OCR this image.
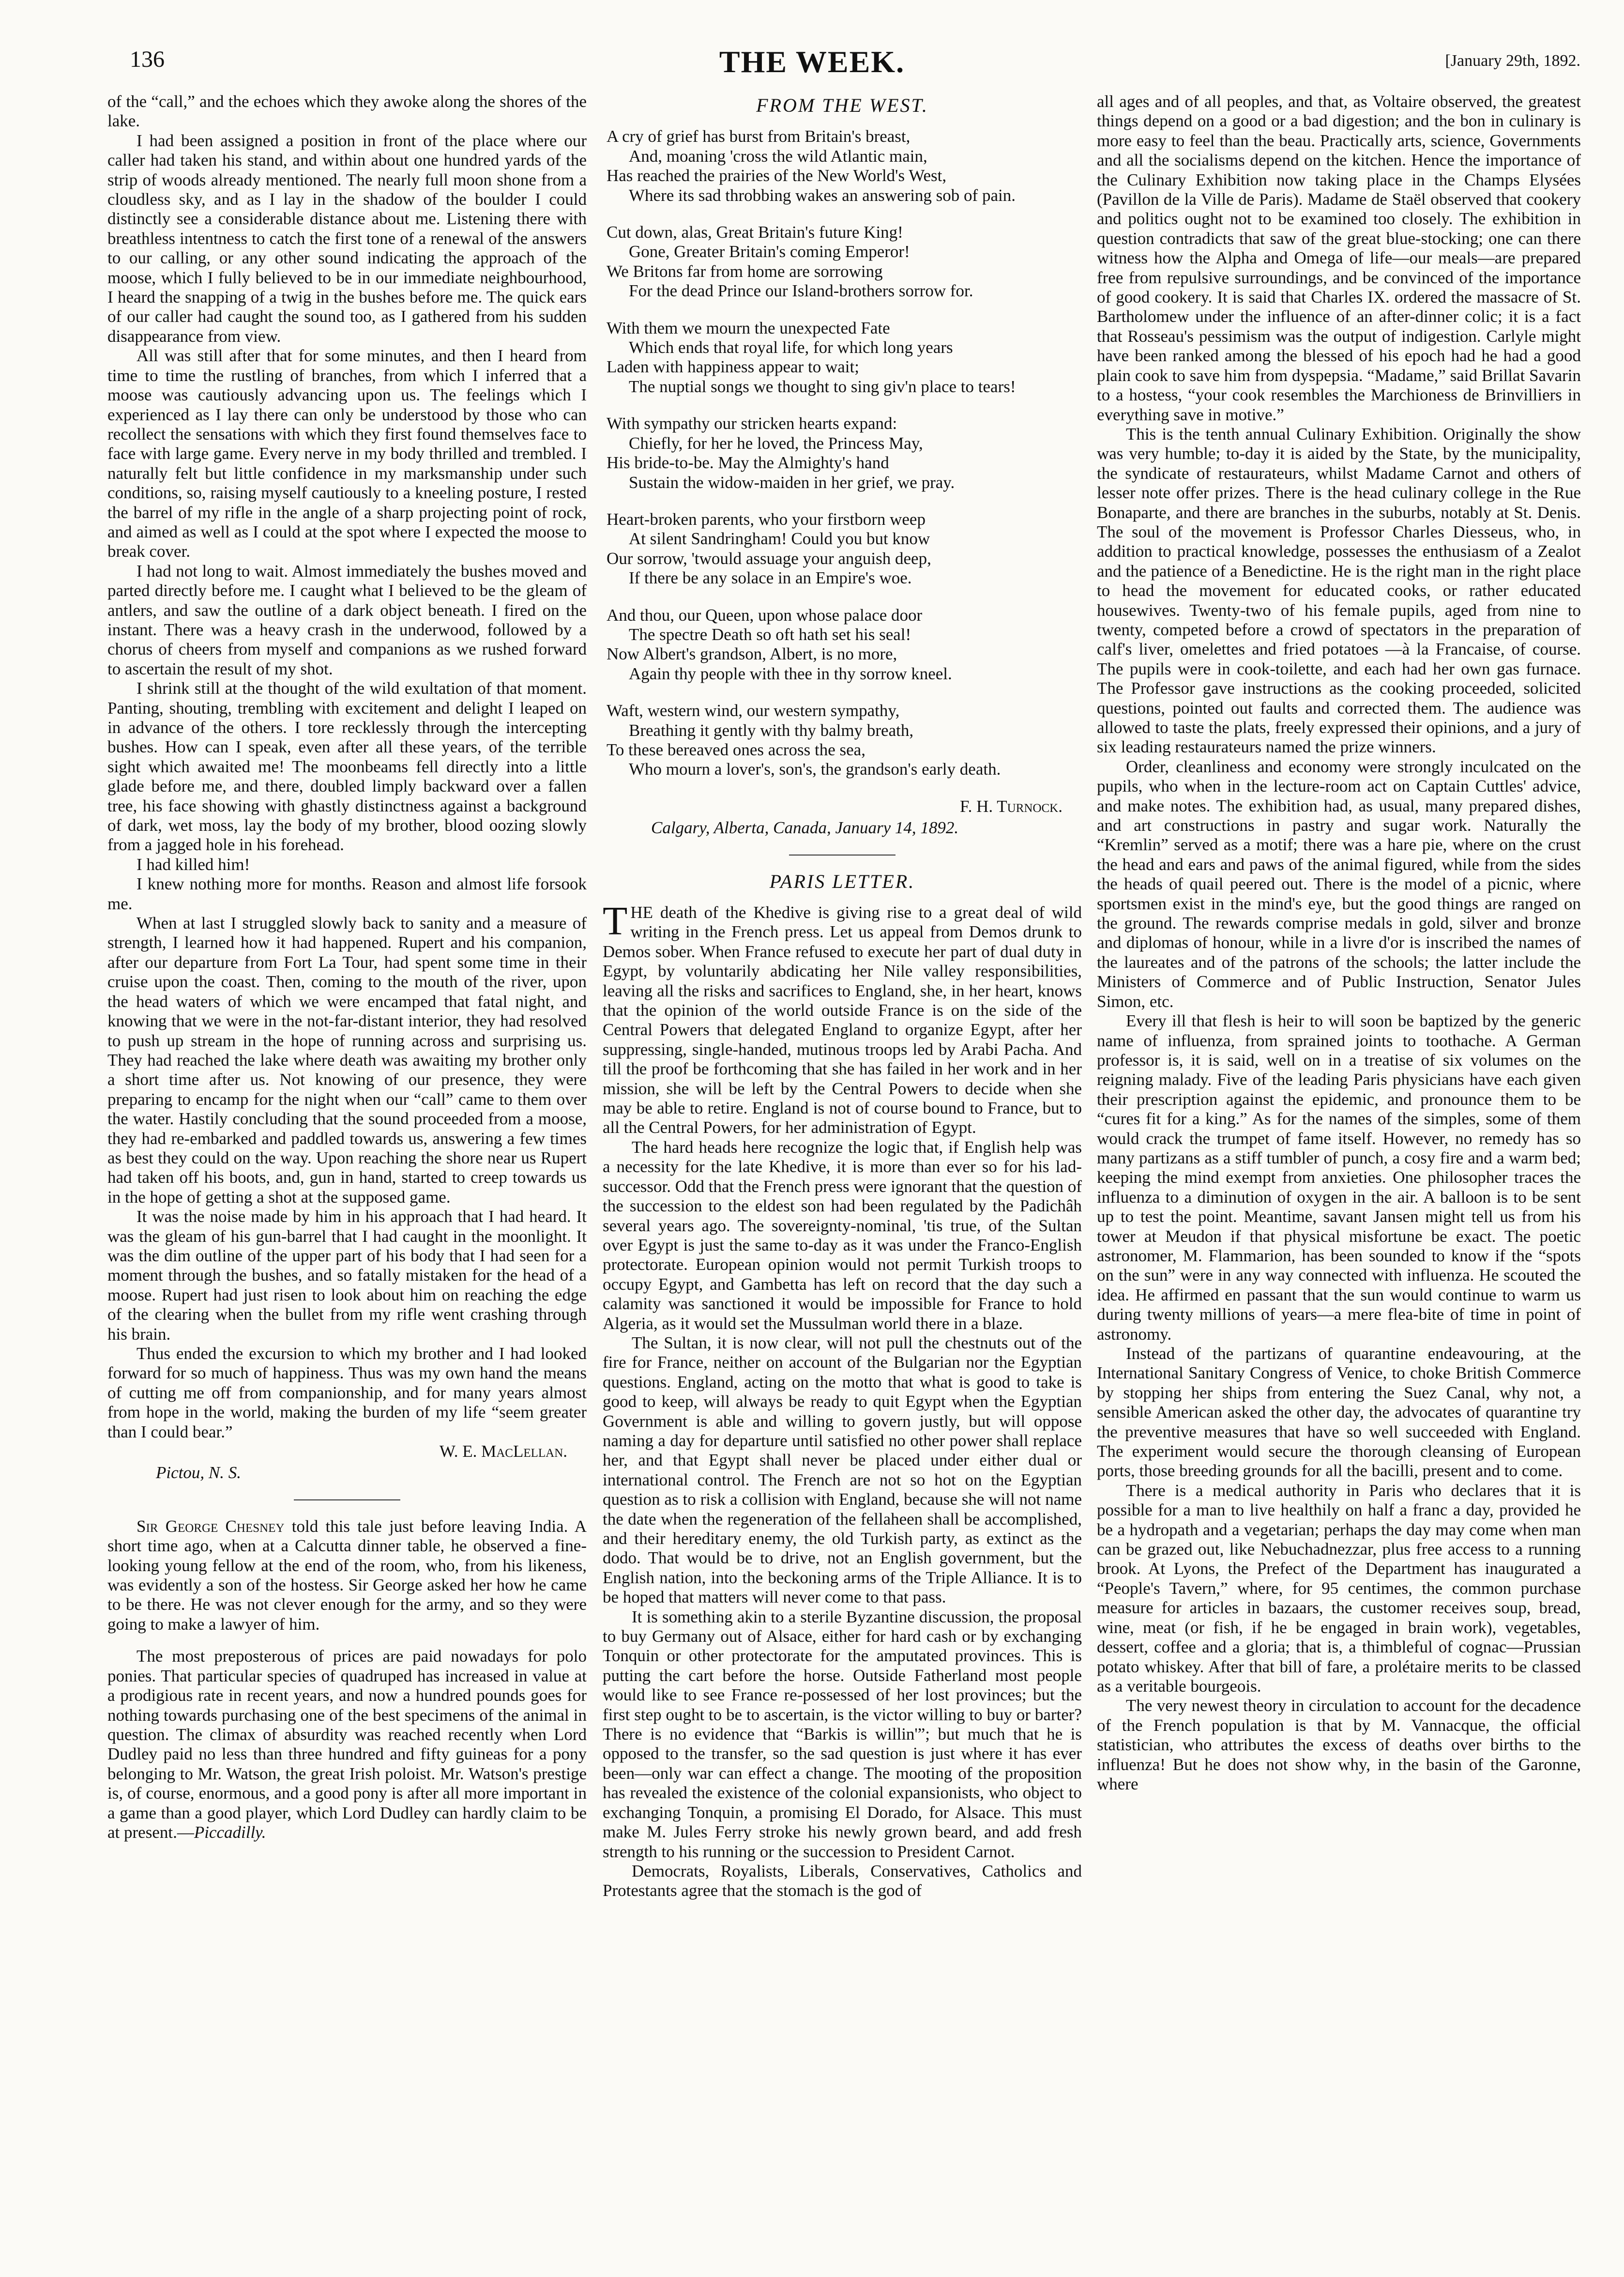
136	THE WEEK.	[January 29th, 1892.

of the “call,” and the echoes which they awoke along the shores of the lake.

I had been assigned a position in front of the place where our caller had taken his stand, and within about one hundred yards of the strip of woods already mentioned. The nearly full moon shone from a cloudless sky, and as I lay in the shadow of the boulder I could distinctly see a considerable distance about me. Listening there with breathless intentness to catch the first tone of a renewal of the answers to our calling, or any other sound indicating the approach of the moose, which I fully believed to be in our immediate neighbourhood, I heard the snapping of a twig in the bushes before me. The quick ears of our caller had caught the sound too, as I gathered from his sudden disappearance from view.

All was still after that for some minutes, and then I heard from time to time the rustling of branches, from which I inferred that a moose was cautiously advancing upon us. The feelings which I experienced as I lay there can only be understood by those who can recollect the sensations with which they first found themselves face to face with large game. Every nerve in my body thrilled and trembled. I naturally felt but little confidence in my marksmanship under such conditions, so, raising myself cautiously to a kneeling posture, I rested the barrel of my rifle in the angle of a sharp projecting point of rock, and aimed as well as I could at the spot where I expected the moose to break cover.

I had not long to wait. Almost immediately the bushes moved and parted directly before me. I caught what I believed to be the gleam of antlers, and saw the outline of a dark object beneath. I fired on the instant. There was a heavy crash in the underwood, followed by a chorus of cheers from myself and companions as we rushed forward to ascertain the result of my shot.

I shrink still at the thought of the wild exultation of that moment. Panting, shouting, trembling with excitement and delight I leaped on in advance of the others. I tore recklessly through the intercepting bushes. How can I speak, even after all these years, of the terrible sight which awaited me! The moonbeams fell directly into a little glade before me, and there, doubled limply backward over a fallen tree, his face showing with ghastly distinctness against a background of dark, wet moss, lay the body of my brother, blood oozing slowly from a jagged hole in his forehead.

I had killed him!

I knew nothing more for months. Reason and almost life forsook me.

When at last I struggled slowly back to sanity and a measure of strength, I learned how it had happened. Rupert and his companion, after our departure from Fort La Tour, had spent some time in their cruise upon the coast. Then, coming to the mouth of the river, upon the head waters of which we were encamped that fatal night, and knowing that we were in the not-far-distant interior, they had resolved to push up stream in the hope of running across and surprising us. They had reached the lake where death was awaiting my brother only a short time after us. Not knowing of our presence, they were preparing to encamp for the night when our “call” came to them over the water. Hastily concluding that the sound proceeded from a moose, they had re-embarked and paddled towards us, answering a few times as best they could on the way. Upon reaching the shore near us Rupert had taken off his boots, and, gun in hand, started to creep towards us in the hope of getting a shot at the supposed game.

It was the noise made by him in his approach that I had heard. It was the gleam of his gun-barrel that I had caught in the moonlight. It was the dim outline of the upper part of his body that I had seen for a moment through the bushes, and so fatally mistaken for the head of a moose. Rupert had just risen to look about him on reaching the edge of the clearing when the bullet from my rifle went crashing through his brain.

Thus ended the excursion to which my brother and I had looked forward for so much of happiness. Thus was my own hand the means of cutting me off from companionship, and for many years almost from hope in the world, making the burden of my life “seem greater than I could bear.”

W. E. MacLellan.
Pictou, N. S.

Sir George Chesney told this tale just before leaving India. A short time ago, when at a Calcutta dinner table, he observed a fine-looking young fellow at the end of the room, who, from his likeness, was evidently a son of the hostess. Sir George asked her how he came to be there. He was not clever enough for the army, and so they were going to make a lawyer of him.

The most preposterous of prices are paid nowadays for polo ponies. That particular species of quadruped has increased in value at a prodigious rate in recent years, and now a hundred pounds goes for nothing towards purchasing one of the best specimens of the animal in question. The climax of absurdity was reached recently when Lord Dudley paid no less than three hundred and fifty guineas for a pony belonging to Mr. Watson, the great Irish poloist. Mr. Watson's prestige is, of course, enormous, and a good pony is after all more important in a game than a good player, which Lord Dudley can hardly claim to be at present.—Piccadilly.

FROM THE WEST.
A cry of grief has burst from Britain's breast,
And, moaning 'cross the wild Atlantic main,
Has reached the prairies of the New World's West,
Where its sad throbbing wakes an answering sob of pain.
Cut down, alas, Great Britain's future King!
Gone, Greater Britain's coming Emperor!
We Britons far from home are sorrowing
For the dead Prince our Island-brothers sorrow for.
With them we mourn the unexpected Fate
Which ends that royal life, for which long years
Laden with happiness appear to wait;
The nuptial songs we thought to sing giv'n place to tears!
With sympathy our stricken hearts expand:
Chiefly, for her he loved, the Princess May,
His bride-to-be. May the Almighty's hand
Sustain the widow-maiden in her grief, we pray.
Heart-broken parents, who your firstborn weep
At silent Sandringham! Could you but know
Our sorrow, 'twould assuage your anguish deep,
If there be any solace in an Empire's woe.
And thou, our Queen, upon whose palace door
The spectre Death so oft hath set his seal!
Now Albert's grandson, Albert, is no more,
Again thy people with thee in thy sorrow kneel.
Waft, western wind, our western sympathy,
Breathing it gently with thy balmy breath,
To these bereaved ones across the sea,
Who mourn a lover's, son's, the grandson's early death.
F. H. Turnock.
Calgary, Alberta, Canada, January 14, 1892.
PARIS LETTER.

THE death of the Khedive is giving rise to a great deal of wild writing in the French press. Let us appeal from Demos drunk to Demos sober. When France refused to execute her part of dual duty in Egypt, by voluntarily abdicating her Nile valley responsibilities, leaving all the risks and sacrifices to England, she, in her heart, knows that the opinion of the world outside France is on the side of the Central Powers that delegated England to organize Egypt, after her suppressing, single-handed, mutinous troops led by Arabi Pacha. And till the proof be forthcoming that she has failed in her work and in her mission, she will be left by the Central Powers to decide when she may be able to retire. England is not of course bound to France, but to all the Central Powers, for her administration of Egypt.

The hard heads here recognize the logic that, if English help was a necessity for the late Khedive, it is more than ever so for his lad-successor. Odd that the French press were ignorant that the question of the succession to the eldest son had been regulated by the Padichâh several years ago. The sovereignty-nominal, 'tis true, of the Sultan over Egypt is just the same to-day as it was under the Franco-English protectorate. European opinion would not permit Turkish troops to occupy Egypt, and Gambetta has left on record that the day such a calamity was sanctioned it would be impossible for France to hold Algeria, as it would set the Mussulman world there in a blaze.

The Sultan, it is now clear, will not pull the chestnuts out of the fire for France, neither on account of the Bulgarian nor the Egyptian questions. England, acting on the motto that what is good to take is good to keep, will always be ready to quit Egypt when the Egyptian Government is able and willing to govern justly, but will oppose naming a day for departure until satisfied no other power shall replace her, and that Egypt shall never be placed under either dual or international control. The French are not so hot on the Egyptian question as to risk a collision with England, because she will not name the date when the regeneration of the fellaheen shall be accomplished, and their hereditary enemy, the old Turkish party, as extinct as the dodo. That would be to drive, not an English government, but the English nation, into the beckoning arms of the Triple Alliance. It is to be hoped that matters will never come to that pass.

It is something akin to a sterile Byzantine discussion, the proposal to buy Germany out of Alsace, either for hard cash or by exchanging Tonquin or other protectorate for the amputated provinces. This is putting the cart before the horse. Outside Fatherland most people would like to see France re-possessed of her lost provinces; but the first step ought to be to ascertain, is the victor willing to buy or barter? There is no evidence that “Barkis is willin'”; but much that he is opposed to the transfer, so the sad question is just where it has ever been—only war can effect a change. The mooting of the proposition has revealed the existence of the colonial expansionists, who object to exchanging Tonquin, a promising El Dorado, for Alsace. This must make M. Jules Ferry stroke his newly grown beard, and add fresh strength to his running or the succession to President Carnot.

Democrats, Royalists, Liberals, Conservatives, Catholics and Protestants agree that the stomach is the god of

all ages and of all peoples, and that, as Voltaire observed, the greatest things depend on a good or a bad digestion; and the bon in culinary is more easy to feel than the beau. Practically arts, science, Governments and all the socialisms depend on the kitchen. Hence the importance of the Culinary Exhibition now taking place in the Champs Elysées (Pavillon de la Ville de Paris). Madame de Staël observed that cookery and politics ought not to be examined too closely. The exhibition in question contradicts that saw of the great blue-stocking; one can there witness how the Alpha and Omega of life—our meals—are prepared free from repulsive surroundings, and be convinced of the importance of good cookery. It is said that Charles IX. ordered the massacre of St. Bartholomew under the influence of an after-dinner colic; it is a fact that Rosseau's pessimism was the output of indigestion. Carlyle might have been ranked among the blessed of his epoch had he had a good plain cook to save him from dyspepsia. “Madame,” said Brillat Savarin to a hostess, “your cook resembles the Marchioness de Brinvilliers in everything save in motive.”

This is the tenth annual Culinary Exhibition. Originally the show was very humble; to-day it is aided by the State, by the municipality, the syndicate of restaurateurs, whilst Madame Carnot and others of lesser note offer prizes. There is the head culinary college in the Rue Bonaparte, and there are branches in the suburbs, notably at St. Denis. The soul of the movement is Professor Charles Diesseus, who, in addition to practical knowledge, possesses the enthusiasm of a Zealot and the patience of a Benedictine. He is the right man in the right place to head the movement for educated cooks, or rather educated housewives. Twenty-two of his female pupils, aged from nine to twenty, competed before a crowd of spectators in the preparation of calf's liver, omelettes and fried potatoes —à la Francaise, of course. The pupils were in cook-toilette, and each had her own gas furnace. The Professor gave instructions as the cooking proceeded, solicited questions, pointed out faults and corrected them. The audience was allowed to taste the plats, freely expressed their opinions, and a jury of six leading restaurateurs named the prize winners.

Order, cleanliness and economy were strongly inculcated on the pupils, who when in the lecture-room act on Captain Cuttles' advice, and make notes. The exhibition had, as usual, many prepared dishes, and art constructions in pastry and sugar work. Naturally the “Kremlin” served as a motif; there was a hare pie, where on the crust the head and ears and paws of the animal figured, while from the sides the heads of quail peered out. There is the model of a picnic, where sportsmen exist in the mind's eye, but the good things are ranged on the ground. The rewards comprise medals in gold, silver and bronze and diplomas of honour, while in a livre d'or is inscribed the names of the laureates and of the patrons of the schools; the latter include the Ministers of Commerce and of Public Instruction, Senator Jules Simon, etc.

Every ill that flesh is heir to will soon be baptized by the generic name of influenza, from sprained joints to toothache. A German professor is, it is said, well on in a treatise of six volumes on the reigning malady. Five of the leading Paris physicians have each given their prescription against the epidemic, and pronounce them to be “cures fit for a king.” As for the names of the simples, some of them would crack the trumpet of fame itself. However, no remedy has so many partizans as a stiff tumbler of punch, a cosy fire and a warm bed; keeping the mind exempt from anxieties. One philosopher traces the influenza to a diminution of oxygen in the air. A balloon is to be sent up to test the point. Meantime, savant Jansen might tell us from his tower at Meudon if that physical misfortune be exact. The poetic astronomer, M. Flammarion, has been sounded to know if the “spots on the sun” were in any way connected with influenza. He scouted the idea. He affirmed en passant that the sun would continue to warm us during twenty millions of years—a mere flea-bite of time in point of astronomy.

Instead of the partizans of quarantine endeavouring, at the International Sanitary Congress of Venice, to choke British Commerce by stopping her ships from entering the Suez Canal, why not, a sensible American asked the other day, the advocates of quarantine try the preventive measures that have so well succeeded with England. The experiment would secure the thorough cleansing of European ports, those breeding grounds for all the bacilli, present and to come.

There is a medical authority in Paris who declares that it is possible for a man to live healthily on half a franc a day, provided he be a hydropath and a vegetarian; perhaps the day may come when man can be grazed out, like Nebuchadnezzar, plus free access to a running brook. At Lyons, the Prefect of the Department has inaugurated a “People's Tavern,” where, for 95 centimes, the common purchase measure for articles in bazaars, the customer receives soup, bread, wine, meat (or fish, if he be engaged in brain work), vegetables, dessert, coffee and a gloria; that is, a thimbleful of cognac—Prussian potato whiskey. After that bill of fare, a prolétaire merits to be classed as a veritable bourgeois.

The very newest theory in circulation to account for the decadence of the French population is that by M. Vannacque, the official statistician, who attributes the excess of deaths over births to the influenza! But he does not show why, in the basin of the Garonne, where
